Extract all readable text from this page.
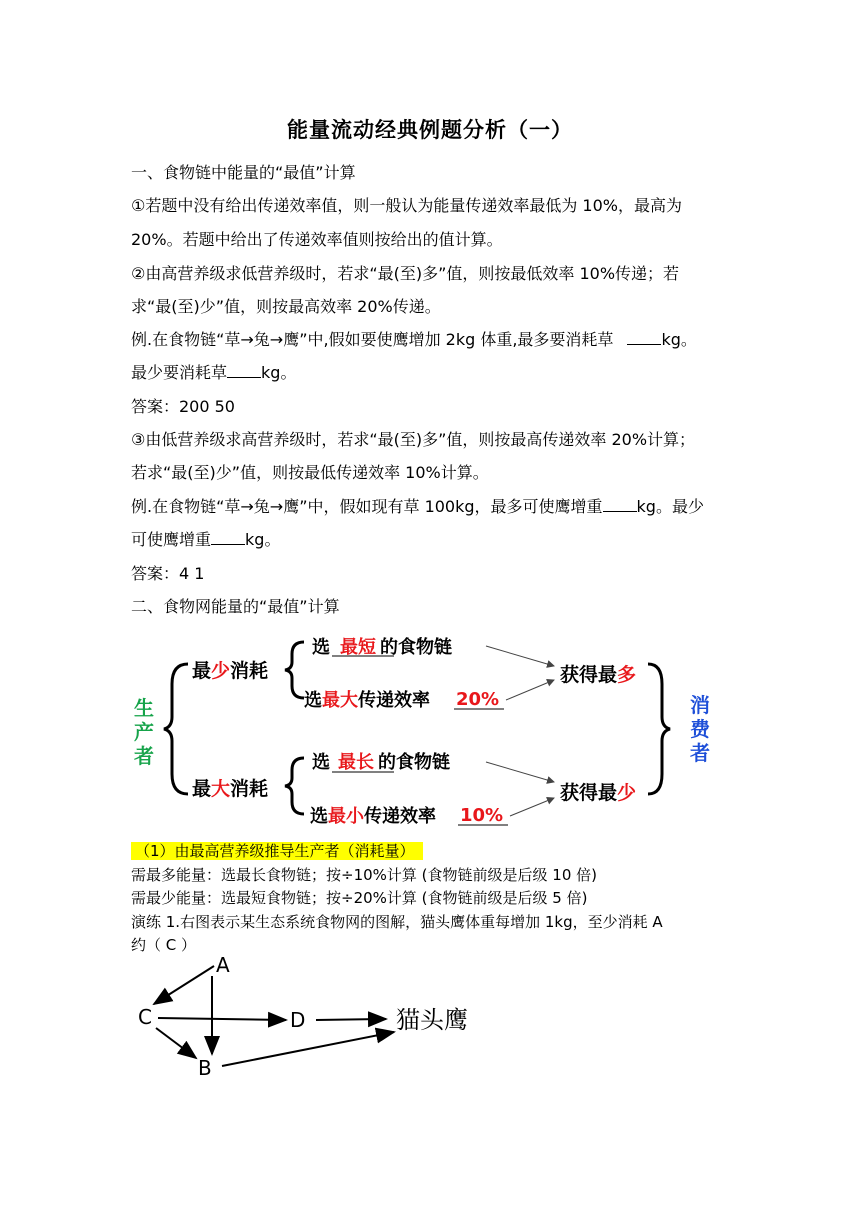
能量流动经典例题分析（一）
一、食物链中能量的“最值”计算
①若题中没有给出传递效率值，则一般认为能量传递效率最低为 10%，最高为
20%。若题中给出了传递效率值则按给出的值计算。
②由高营养级求低营养级时，若求“最(至)多”值，则按最低效率 10%传递；若
求“最(至)少”值，则按最高效率 20%传递。
例.在食物链“草→兔→鹰”中,假如要使鹰增加 2kg 体重,最多要消耗草	kg。
最少要消耗草 kg。
答案：200 50
③由低营养级求高营养级时，若求“最(至)多”值，则按最高传递效率 20%计算；
若求“最(至)少”值，则按最低传递效率 10%计算。
例.在食物链“草→兔→鹰”中，假如现有草 100kg，最多可使鹰增重 kg。最少
可使鹰增重 kg。
答案：4 1
二、食物网能量的“最值”计算
生
产
者
最少消耗
最大消耗
选 最短 的食物链
选最大传递效率 20%
选 最长 的食物链
选最小传递效率 10%
获得最多
获得最少
消
费
者
（1）由最高营养级推导生产者（消耗量）
需最多能量：选最长食物链；按÷10%计算 (食物链前级是后级 10 倍)
需最少能量：选最短食物链；按÷20%计算 (食物链前级是后级 5 倍)
演练 1.右图表示某生态系统食物网的图解，猫头鹰体重每增加 1kg，至少消耗 A
约（ C ）
A
C	D
B
猫头鹰
